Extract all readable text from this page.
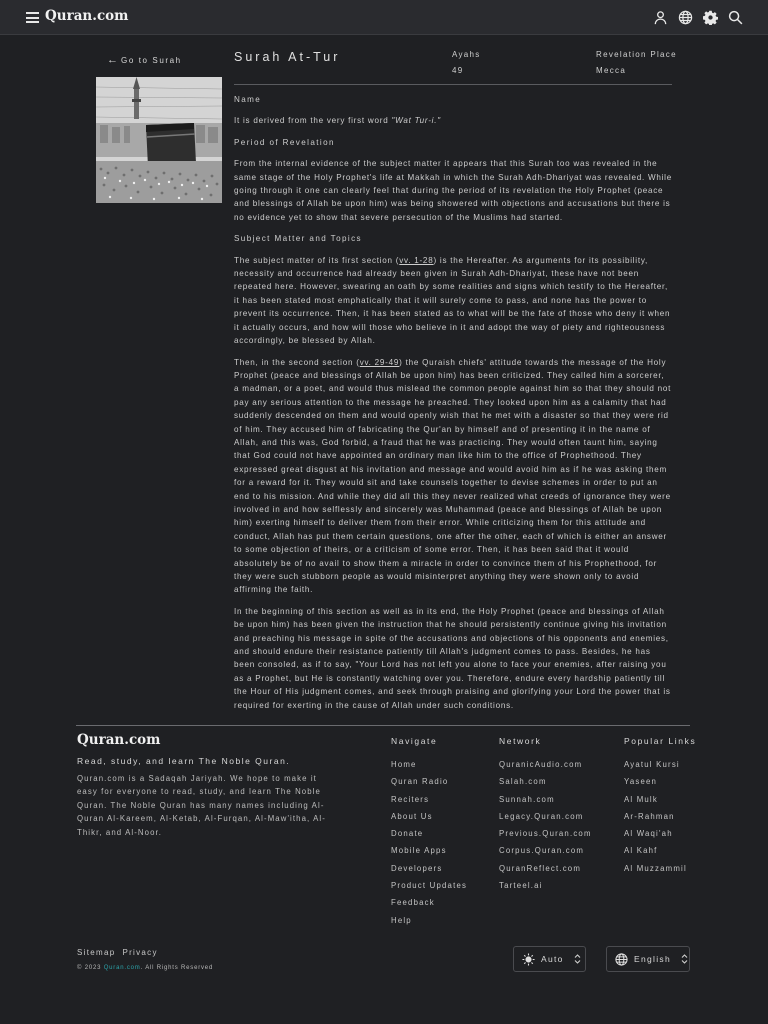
Quran.com
← Go to Surah	Surah At-Tur	Ayahs
49
Revelation Place
Mecca
Name

It is derived from the very first word "Wat Tur-i."

Period of Revelation

From the internal evidence of the subject matter it appears that this Surah too was revealed in the same stage of the Holy Prophet's life at Makkah in which the Surah Adh-Dhariyat was revealed. While going through it one can clearly feel that during the period of its revelation the Holy Prophet (peace and blessings of Allah be upon him) was being showered with objections and accusations but there is no evidence yet to show that severe persecution of the Muslims had started.

Subject Matter and Topics

The subject matter of its first section (vv. 1-28) is the Hereafter. As arguments for its possibility, necessity and occurrence had already been given in Surah Adh-Dhariyat, these have not been repeated here. However, swearing an oath by some realities and signs which testify to the Hereafter, it has been stated most emphatically that it will surely come to pass, and none has the power to prevent its occurrence. Then, it has been stated as to what will be the fate of those who deny it when it actually occurs, and how will those who believe in it and adopt the way of piety and righteousness accordingly, be blessed by Allah.

Then, in the second section (vv. 29-49) the Quraish chiefs' attitude towards the message of the Holy Prophet (peace and blessings of Allah be upon him) has been criticized. They called him a sorcerer, a madman, or a poet, and would thus mislead the common people against him so that they should not pay any serious attention to the message he preached. They looked upon him as a calamity that had suddenly descended on them and would openly wish that he met with a disaster so that they were rid of him. They accused him of fabricating the Qur'an by himself and of presenting it in the name of Allah, and this was, God forbid, a fraud that he was practicing. They would often taunt him, saying that God could not have appointed an ordinary man like him to the office of Prophethood. They expressed great disgust at his invitation and message and would avoid him as if he was asking them for a reward for it. They would sit and take counsels together to devise schemes in order to put an end to his mission. And while they did all this they never realized what creeds of ignorance they were involved in and how selflessly and sincerely was Muhammad (peace and blessings of Allah be upon him) exerting himself to deliver them from their error. While criticizing them for this attitude and conduct, Allah has put them certain questions, one after the other, each of which is either an answer to some objection of theirs, or a criticism of some error. Then, it has been said that it would absolutely be of no avail to show them a miracle in order to convince them of his Prophethood, for they were such stubborn people as would misinterpret anything they were shown only to avoid affirming the faith.

In the beginning of this section as well as in its end, the Holy Prophet (peace and blessings of Allah be upon him) has been given the instruction that he should persistently continue giving his invitation and preaching his message in spite of the accusations and objections of his opponents and enemies, and should endure their resistance patiently till Allah's judgment comes to pass. Besides, he has been consoled, as if to say, "Your Lord has not left you alone to face your enemies, after raising you as a Prophet, but He is constantly watching over you. Therefore, endure every hardship patiently till the Hour of His judgment comes, and seek through praising and glorifying your Lord the power that is required for exerting in the cause of Allah under such conditions.

Quran.com
Read, study, and learn The Noble Quran.
Quran.com is a Sadaqah Jariyah. We hope to make it easy for everyone to read, study, and learn The Noble Quran. The Noble Quran has many names including Al-Quran Al-Kareem, Al-Ketab, Al-Furqan, Al-Maw'itha, Al-Thikr, and Al-Noor.
Navigate
Home
Quran Radio
Reciters
About Us
Donate
Mobile Apps
Developers
Product Updates
Feedback
Help
Network
QuranicAudio.com
Salah.com
Sunnah.com
Legacy.Quran.com
Previous.Quran.com
Corpus.Quran.com
QuranReflect.com
Tarteel.ai
Popular Links
Ayatul Kursi
Yaseen
Al Mulk
Ar-Rahman
Al Waqi'ah
Al Kahf
Al Muzzammil
Sitemap Privacy
© 2023 Quran.com. All Rights Reserved
Auto	English
